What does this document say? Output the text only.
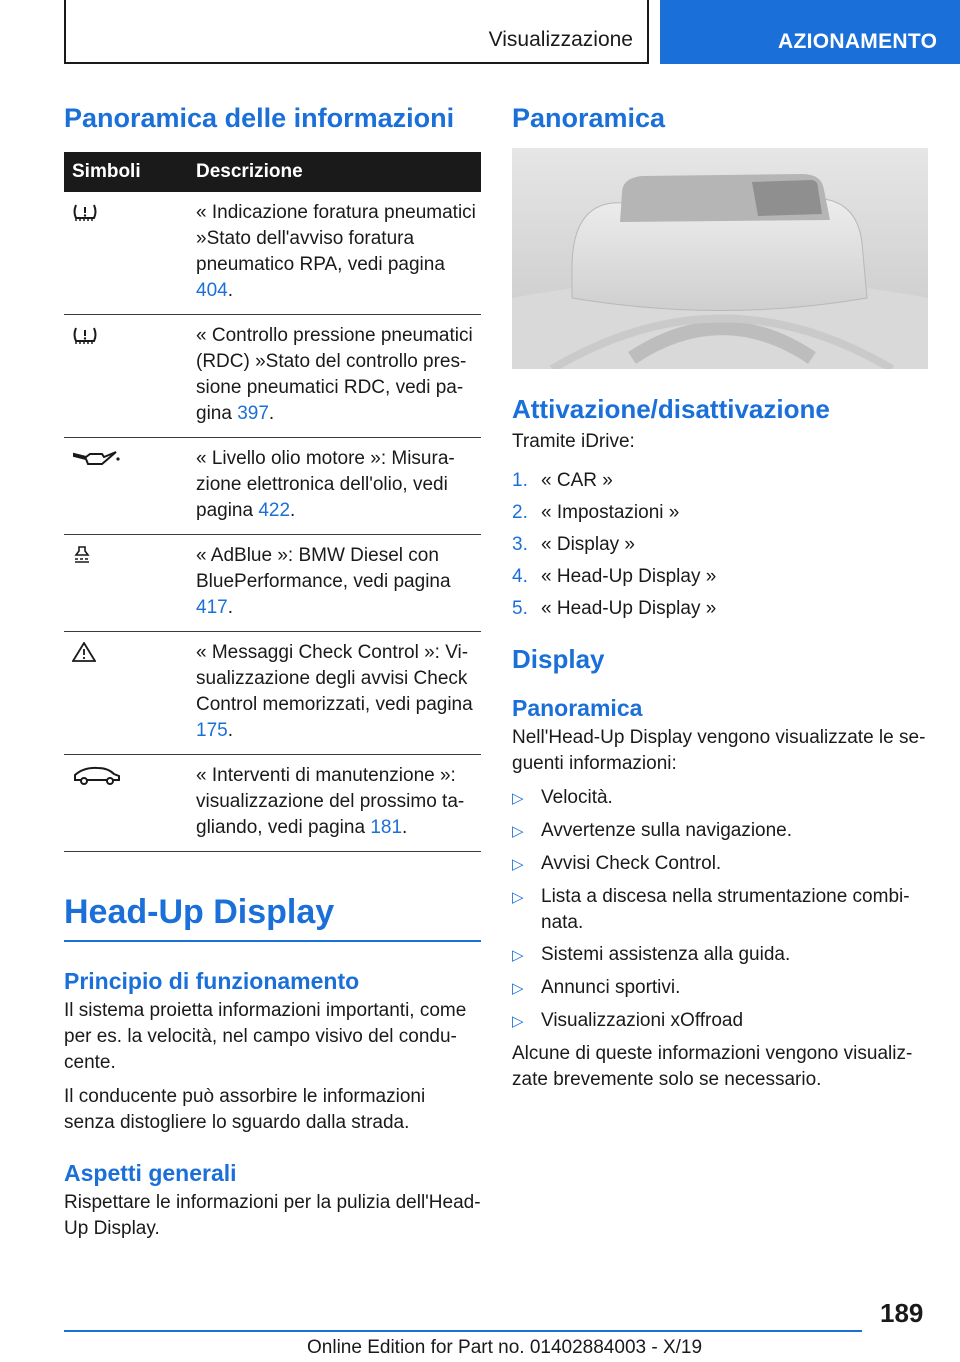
Visualizzazione	AZIONAMENTO
Panoramica delle informazioni
Simboli	Descrizione
« Indicazione foratura pneumatici »Stato dell'avviso foratura pneumatico RPA, vedi pagina 404.
« Controllo pressione pneumatici (RDC) »Stato del controllo pressione pneumatici RDC, vedi pagina 397.
« Livello olio motore »: Misurazione elettronica dell'olio, vedi pagina 422.
« AdBlue »: BMW Diesel con BluePerformance, vedi pagina 417.
« Messaggi Check Control »: Visualizzazione degli avvisi Check Control memorizzati, vedi pagina 175.
« Interventi di manutenzione »: visualizzazione del prossimo tagliando, vedi pagina 181.
Head-Up Display
Principio di funzionamento
Il sistema proietta informazioni importanti, come per es. la velocità, nel campo visivo del conducente.
Il conducente può assorbire le informazioni senza distogliere lo sguardo dalla strada.
Aspetti generali
Rispettare le informazioni per la pulizia dell'Head-Up Display.
Panoramica
Attivazione/disattivazione
Tramite iDrive:
1. « CAR »
2. « Impostazioni »
3. « Display »
4. « Head-Up Display »
5. « Head-Up Display »
Display
Panoramica
Nell'Head-Up Display vengono visualizzate le seguenti informazioni:
▷ Velocità.
▷ Avvertenze sulla navigazione.
▷ Avvisi Check Control.
▷ Lista a discesa nella strumentazione combinata.
▷ Sistemi assistenza alla guida.
▷ Annunci sportivi.
▷ Visualizzazioni xOffroad
Alcune di queste informazioni vengono visualizzate brevemente solo se necessario.
189
Online Edition for Part no. 01402884003 - X/19
